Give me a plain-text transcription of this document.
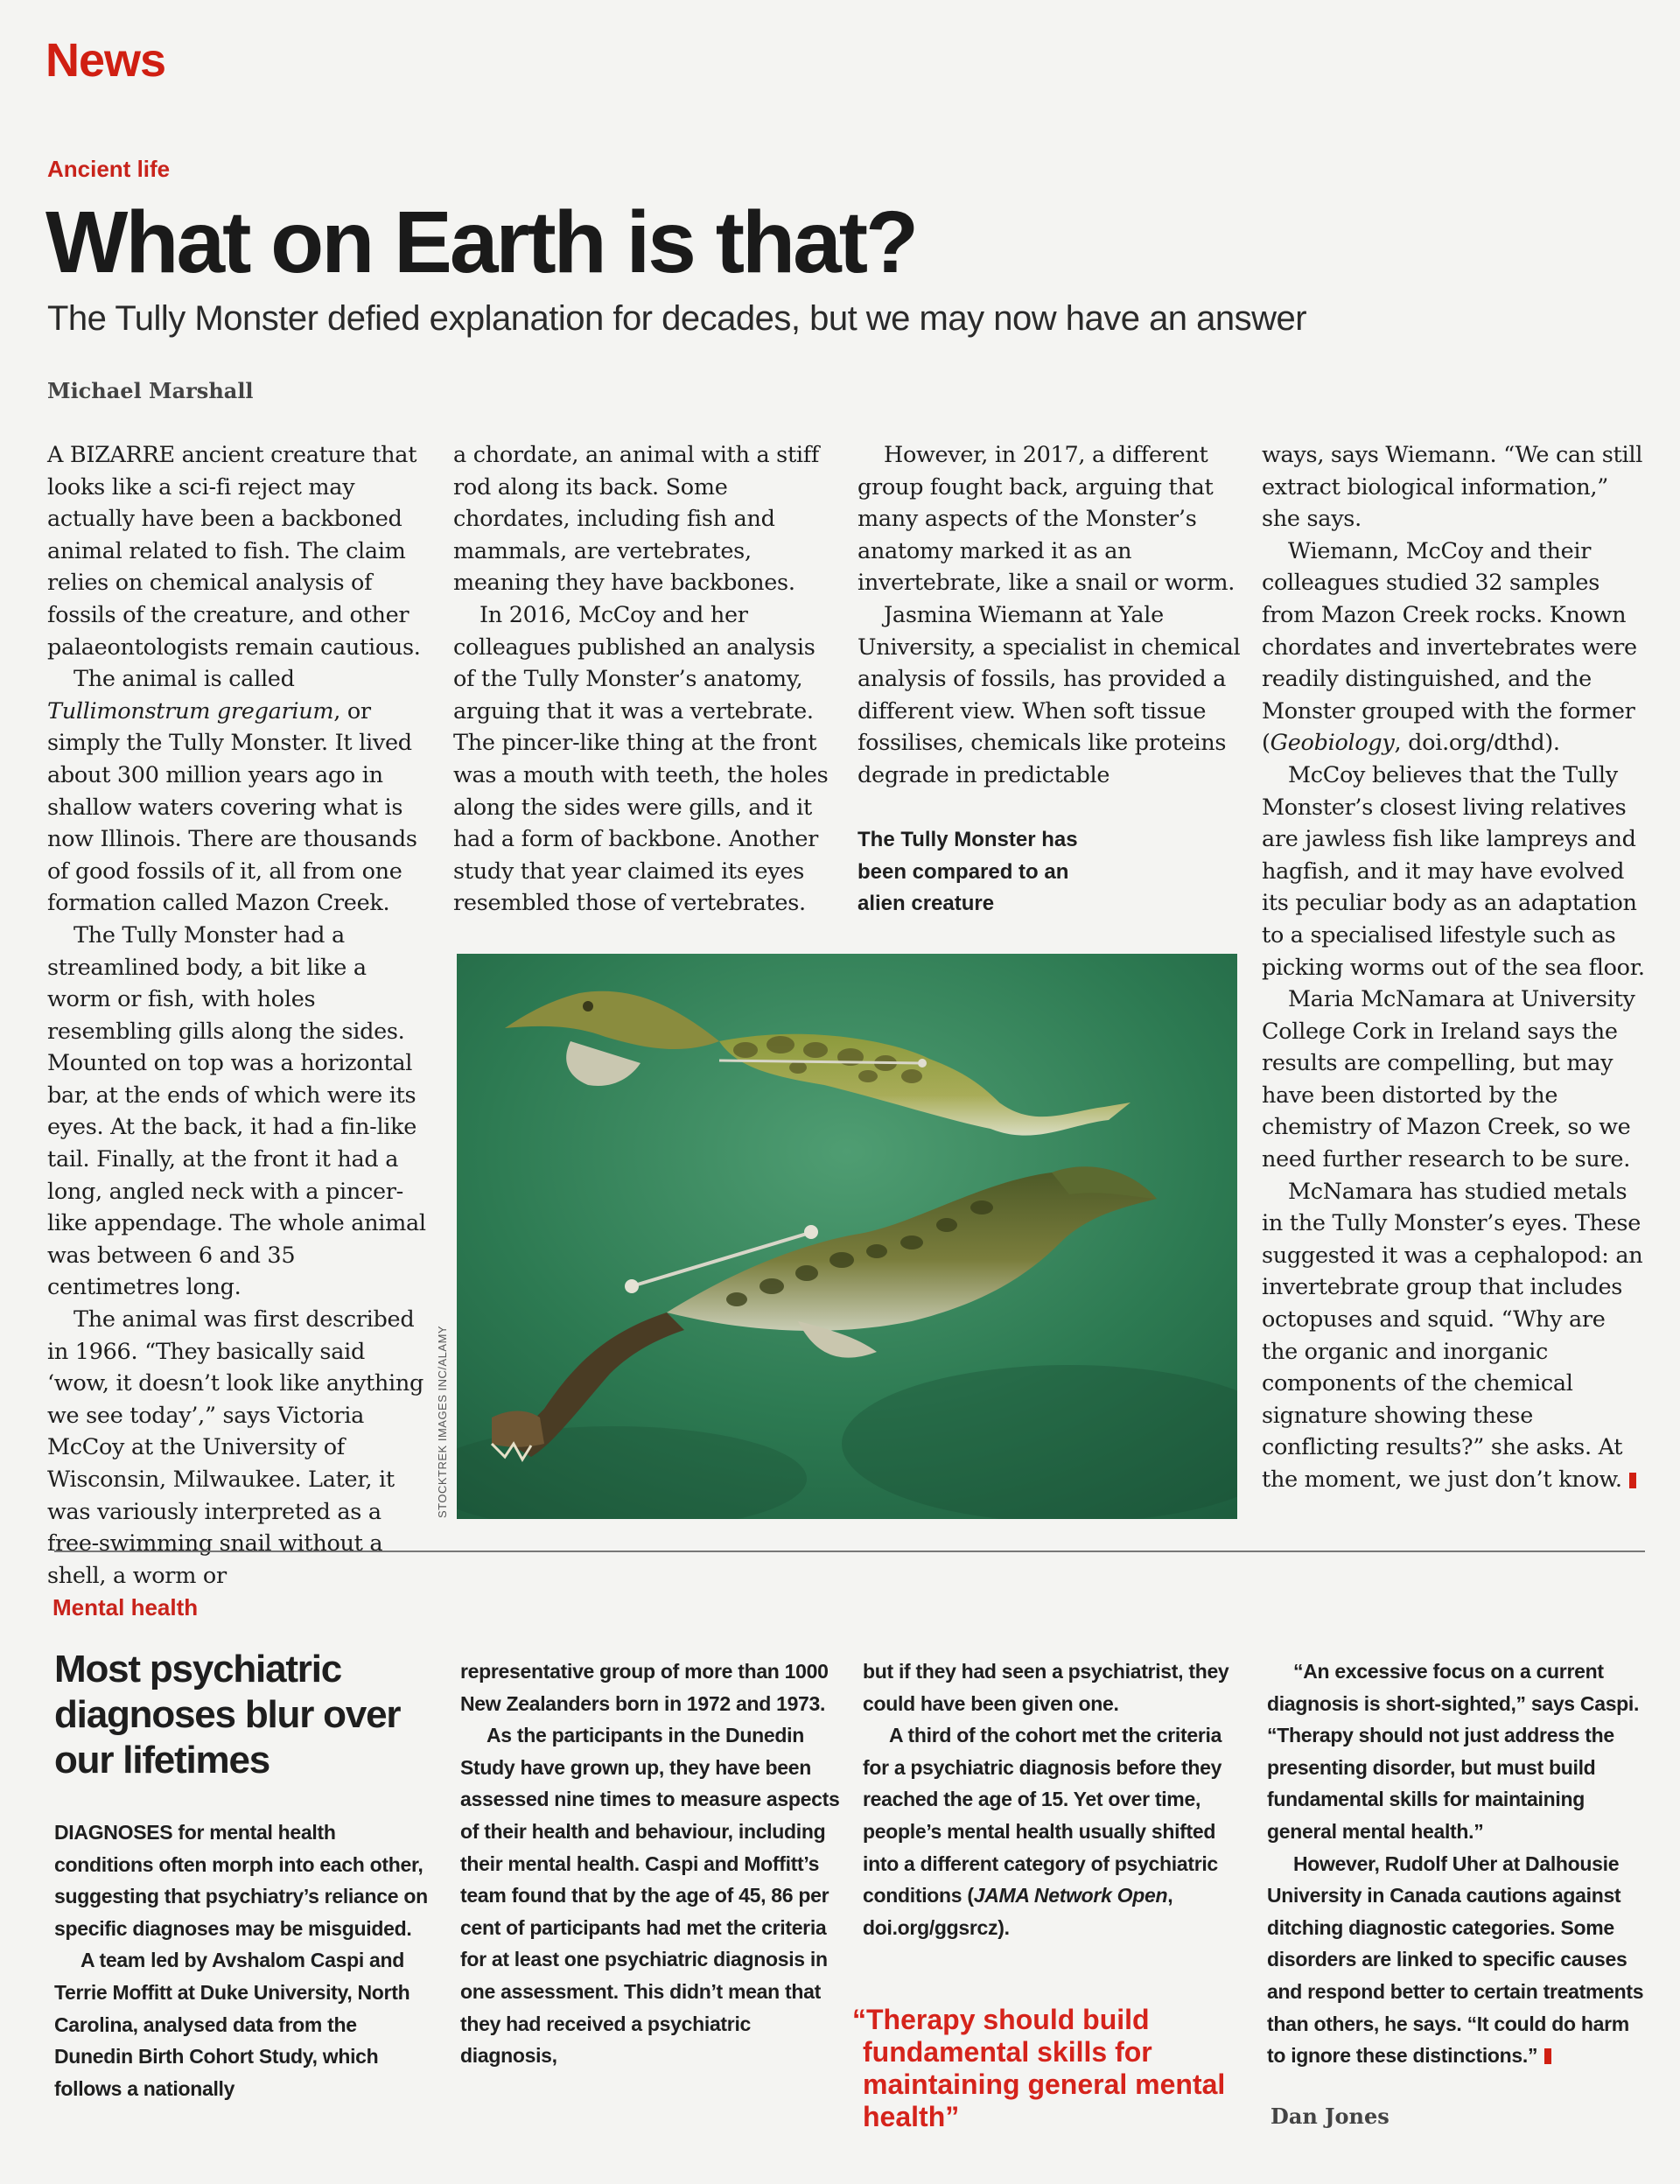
News
Ancient life
What on Earth is that?
The Tully Monster defied explanation for decades, but we may now have an answer
Michael Marshall

A BIZARRE ancient creature that looks like a sci-fi reject may actually have been a backboned animal related to fish. The claim relies on chemical analysis of fossils of the creature, and other palaeontologists remain cautious.

The animal is called Tullimonstrum gregarium, or simply the Tully Monster. It lived about 300 million years ago in shallow waters covering what is now Illinois. There are thousands of good fossils of it, all from one formation called Mazon Creek.

The Tully Monster had a streamlined body, a bit like a worm or fish, with holes resembling gills along the sides. Mounted on top was a horizontal bar, at the ends of which were its eyes. At the back, it had a fin-like tail. Finally, at the front it had a long, angled neck with a pincer-like appendage. The whole animal was between 6 and 35 centimetres long.

The animal was first described in 1966. “They basically said ‘wow, it doesn’t look like anything we see today’,” says Victoria McCoy at the University of Wisconsin, Milwaukee. Later, it was variously interpreted as a free-swimming snail without a shell, a worm or

a chordate, an animal with a stiff rod along its back. Some chordates, including fish and mammals, are vertebrates, meaning they have backbones.

In 2016, McCoy and her colleagues published an analysis of the Tully Monster’s anatomy, arguing that it was a vertebrate. The pincer-like thing at the front was a mouth with teeth, the holes along the sides were gills, and it had a form of backbone. Another study that year claimed its eyes resembled those of vertebrates.

However, in 2017, a different group fought back, arguing that many aspects of the Monster’s anatomy marked it as an invertebrate, like a snail or worm.

Jasmina Wiemann at Yale University, a specialist in chemical analysis of fossils, has provided a different view. When soft tissue fossilises, chemicals like proteins degrade in predictable

The Tully Monster has been compared to an alien creature
STOCKTREK IMAGES INC/ALAMY

ways, says Wiemann. “We can still extract biological information,” she says.

Wiemann, McCoy and their colleagues studied 32 samples from Mazon Creek rocks. Known chordates and invertebrates were readily distinguished, and the Monster grouped with the former (Geobiology, doi.org/dthd).

McCoy believes that the Tully Monster’s closest living relatives are jawless fish like lampreys and hagfish, and it may have evolved its peculiar body as an adaptation to a specialised lifestyle such as picking worms out of the sea floor.

Maria McNamara at University College Cork in Ireland says the results are compelling, but may have been distorted by the chemistry of Mazon Creek, so we need further research to be sure.

McNamara has studied metals in the Tully Monster’s eyes. These suggested it was a cephalopod: an invertebrate group that includes octopuses and squid. “Why are the organic and inorganic components of the chemical signature showing these conflicting results?” she asks. At the moment, we just don’t know.

Mental health
Most psychiatric diagnoses blur over our lifetimes

DIAGNOSES for mental health conditions often morph into each other, suggesting that psychiatry’s reliance on specific diagnoses may be misguided.

A team led by Avshalom Caspi and Terrie Moffitt at Duke University, North Carolina, analysed data from the Dunedin Birth Cohort Study, which follows a nationally

representative group of more than 1000 New Zealanders born in 1972 and 1973.

As the participants in the Dunedin Study have grown up, they have been assessed nine times to measure aspects of their health and behaviour, including their mental health. Caspi and Moffitt’s team found that by the age of 45, 86 per cent of participants had met the criteria for at least one psychiatric diagnosis in one assessment. This didn’t mean that they had received a psychiatric diagnosis,

but if they had seen a psychiatrist, they could have been given one.

A third of the cohort met the criteria for a psychiatric diagnosis before they reached the age of 15. Yet over time, people’s mental health usually shifted into a different category of psychiatric conditions (JAMA Network Open, doi.org/ggsrcz).

“Therapy should build fundamental skills for maintaining general mental health”

“An excessive focus on a current diagnosis is short-sighted,” says Caspi. “Therapy should not just address the presenting disorder, but must build fundamental skills for maintaining general mental health.”

However, Rudolf Uher at Dalhousie University in Canada cautions against ditching diagnostic categories. Some disorders are linked to specific causes and respond better to certain treatments than others, he says. “It could do harm to ignore these distinctions.”

Dan Jones
